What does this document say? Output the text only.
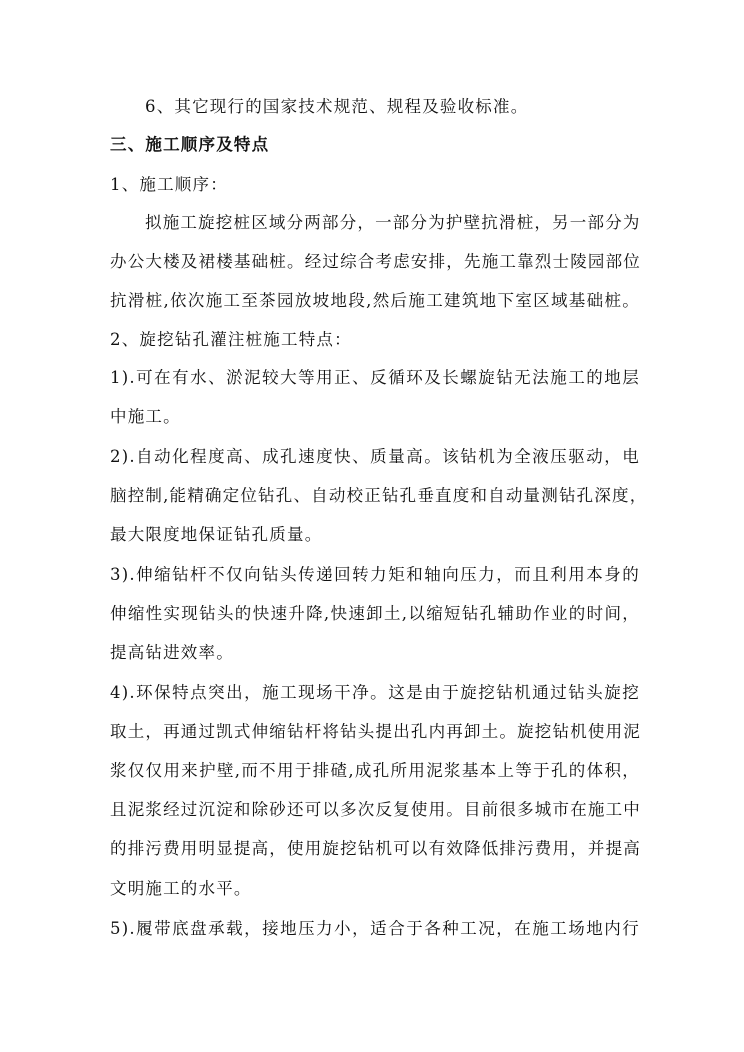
6、其它现行的国家技术规范、规程及验收标准。
三、施工顺序及特点
1、施工顺序：
拟施工旋挖桩区域分两部分，一部分为护壁抗滑桩，另一部分为
办公大楼及裙楼基础桩。经过综合考虑安排，先施工靠烈士陵园部位
抗滑桩,依次施工至茶园放坡地段,然后施工建筑地下室区域基础桩。
2、旋挖钻孔灌注桩施工特点：
1).可在有水、淤泥较大等用正、反循环及长螺旋钻无法施工的地层
中施工。
2).自动化程度高、成孔速度快、质量高。该钻机为全液压驱动，电
脑控制,能精确定位钻孔、自动校正钻孔垂直度和自动量测钻孔深度，
最大限度地保证钻孔质量。
3).伸缩钻杆不仅向钻头传递回转力矩和轴向压力，而且利用本身的
伸缩性实现钻头的快速升降,快速卸土,以缩短钻孔辅助作业的时间，
提高钻进效率。
4).环保特点突出，施工现场干净。这是由于旋挖钻机通过钻头旋挖
取土，再通过凯式伸缩钻杆将钻头提出孔内再卸土。旋挖钻机使用泥
浆仅仅用来护壁,而不用于排碴,成孔所用泥浆基本上等于孔的体积，
且泥浆经过沉淀和除砂还可以多次反复使用。目前很多城市在施工中
的排污费用明显提高，使用旋挖钻机可以有效降低排污费用，并提高
文明施工的水平。
5).履带底盘承载，接地压力小，适合于各种工况，在施工场地内行
